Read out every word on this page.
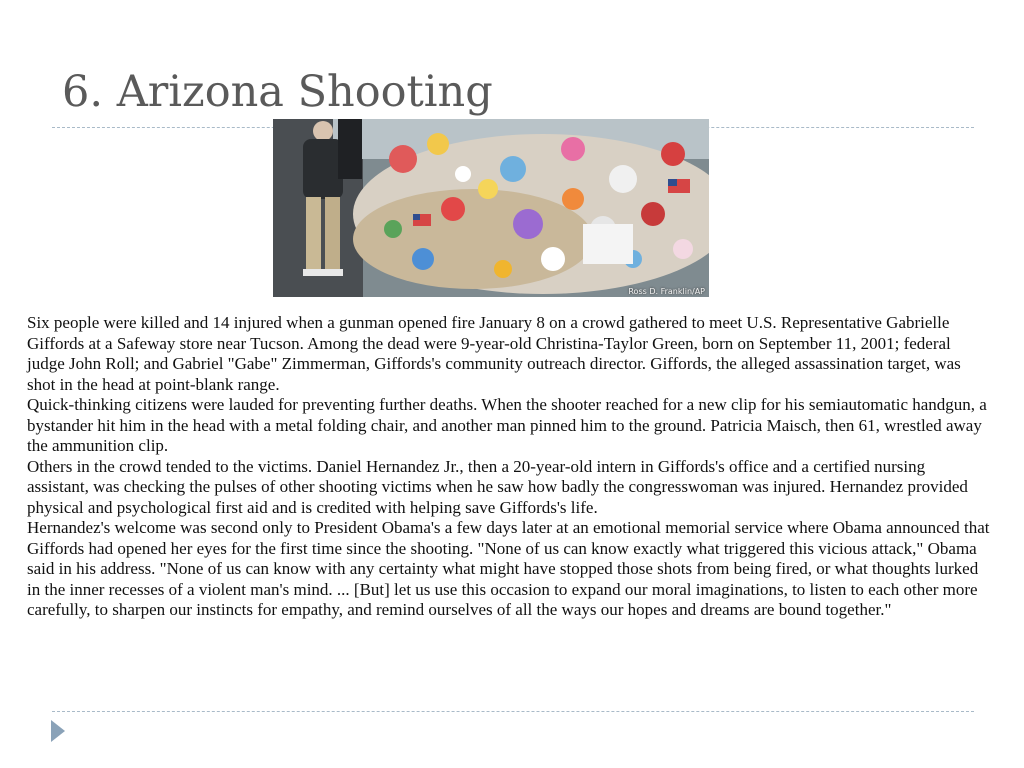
6. Arizona Shooting
Ross D. Franklin/AP

Six people were killed and 14 injured when a gunman opened fire January 8 on a crowd gathered to meet U.S. Representative Gabrielle Giffords at a Safeway store near Tucson. Among the dead were 9-year-old Christina-Taylor Green, born on September 11, 2001; federal judge John Roll; and Gabriel "Gabe" Zimmerman, Giffords's community outreach director. Giffords, the alleged assassination target, was shot in the head at point-blank range.

Quick-thinking citizens were lauded for preventing further deaths. When the shooter reached for a new clip for his semiautomatic handgun, a bystander hit him in the head with a metal folding chair, and another man pinned him to the ground. Patricia Maisch, then 61, wrestled away the ammunition clip.

Others in the crowd tended to the victims. Daniel Hernandez Jr., then a 20-year-old intern in Giffords's office and a certified nursing assistant, was checking the pulses of other shooting victims when he saw how badly the congresswoman was injured. Hernandez provided physical and psychological first aid and is credited with helping save Giffords's life.

Hernandez's welcome was second only to President Obama's a few days later at an emotional memorial service where Obama announced that Giffords had opened her eyes for the first time since the shooting. "None of us can know exactly what triggered this vicious attack," Obama said in his address. "None of us can know with any certainty what might have stopped those shots from being fired, or what thoughts lurked in the inner recesses of a violent man's mind. ... [But] let us use this occasion to expand our moral imaginations, to listen to each other more carefully, to sharpen our instincts for empathy, and remind ourselves of all the ways our hopes and dreams are bound together."
